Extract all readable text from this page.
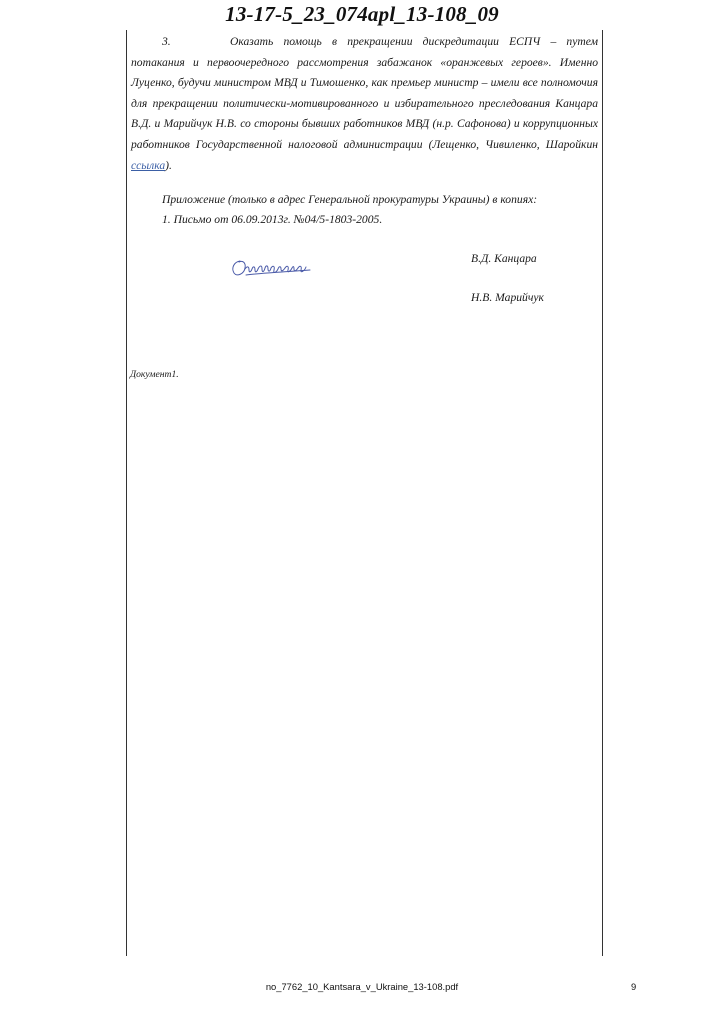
13-17-5_23_074apl_13-108_09

3.	Оказать помощь в прекращении дискредитации ЕСПЧ – путем потакания и первоочередного рассмотрения забажанок «оранжевых героев». Именно Луценко, будучи министром МВД и Тимошенко, как премьер министр – имели все полномочия для прекращении политически-мотивированного и избирательного преследования Канцара В.Д. и Марийчук Н.В. со стороны бывших работников МВД (н.р. Сафонова) и коррупционных работников Государственной налоговой администрации (Лещенко, Чивиленко, Шаройкин ссылка).

Приложение (только в адрес Генеральной прокуратуры Украины) в копиях:
1. Письмо от 06.09.2013г. №04/5-1803-2005.
В.Д. Канцара
Н.В. Марийчук
Документ1.
no_7762_10_Kantsara_v_Ukraine_13-108.pdf	9
